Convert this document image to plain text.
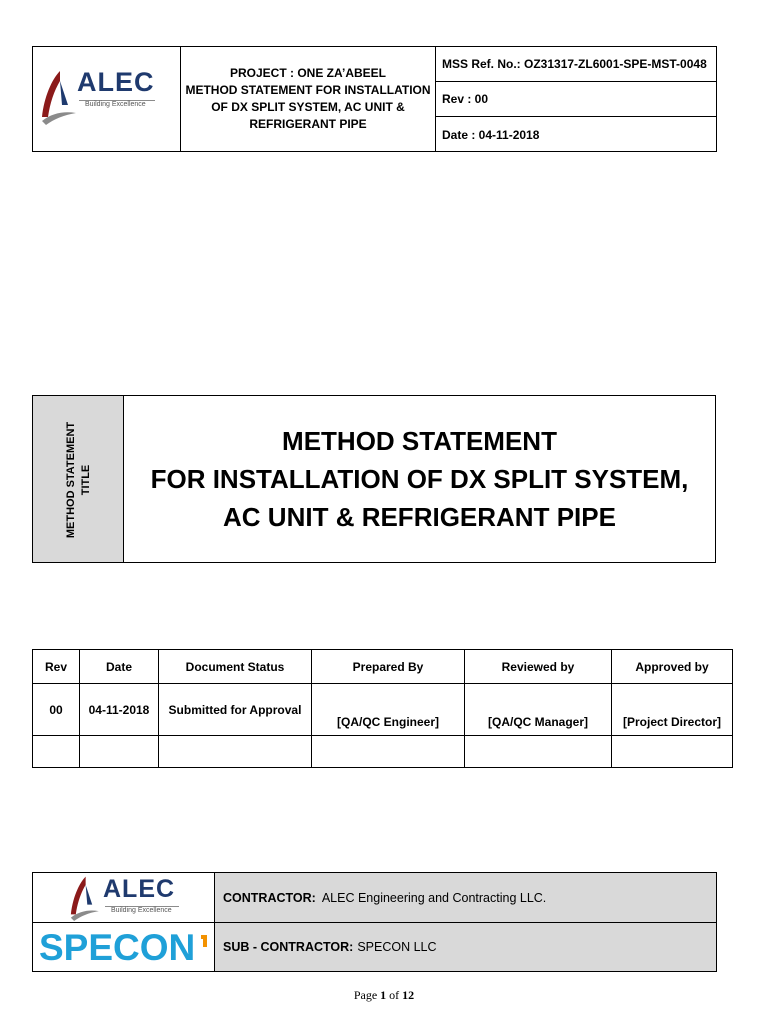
ALEC
Building Excellence
PROJECT : ONE ZA’ABEEL
METHOD STATEMENT FOR INSTALLATION
OF DX SPLIT SYSTEM, AC UNIT &
REFRIGERANT PIPE
MSS Ref. No.: OZ31317-ZL6001-SPE-MST-0048
Rev : 00
Date : 04-11-2018
METHOD STATEMENT TITLE
METHOD STATEMENT
FOR INSTALLATION OF DX SPLIT SYSTEM,
AC UNIT & REFRIGERANT PIPE
Rev	Date	Document Status	Prepared By	Reviewed by	Approved by
00	04-11-2018	Submitted for Approval	[QA/QC Engineer]	[QA/QC Manager]	[Project Director]

ALEC
Building Excellence
SPECON
CONTRACTOR: ALEC Engineering and Contracting LLC.
SUB - CONTRACTOR: SPECON LLC
Page 1 of 12
